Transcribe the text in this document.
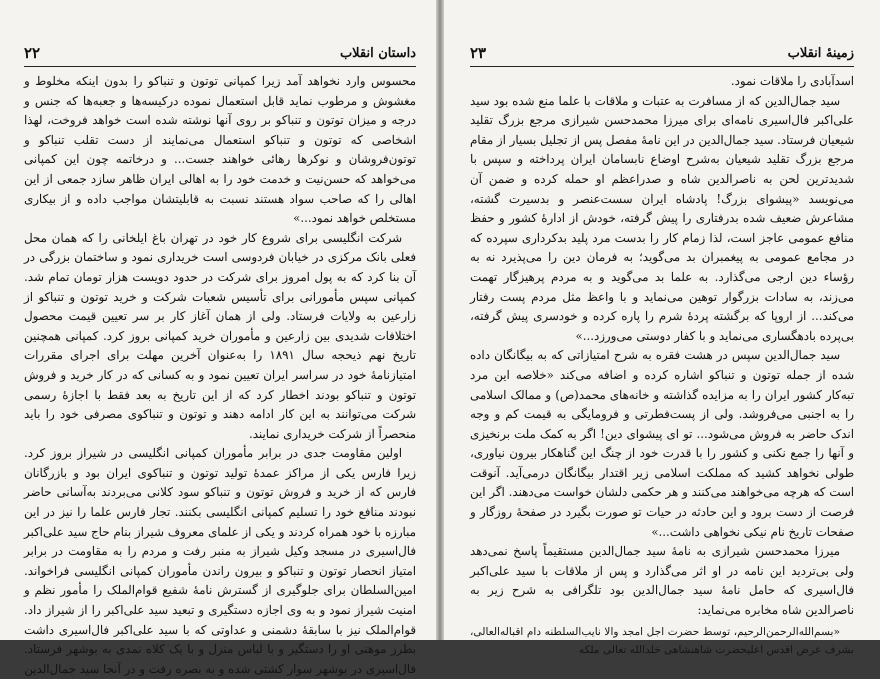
داستان انقلاب
۲۲

محسوس وارد نخواهد آمد زیرا کمپانی توتون و تنباکو را بدون اینکه مخلوط و مغشوش و مرطوب نماید قابل استعمال نموده درکیسه‌ها و جعبه‌ها که جنس و درجه و میزان توتون و تنباکو بر روی آنها نوشته شده است خواهد فروخت، لهذا اشخاصی که توتون و تنباکو استعمال می‌نمایند از دست تقلب تنباکو و توتون‌فروشان و نوکرها رهائی خواهند جست... و درخاتمه چون این کمپانی می‌خواهد که حسن‌نیت و خدمت خود را به اهالی ایران ظاهر سازد جمعی از این اهالی را که صاحب سواد هستند نسبت به قابلیتشان مواجب داده و از بیکاری مستخلص خواهد نمود...»

شرکت انگلیسی برای شروع کار خود در تهران باغ ایلخانی را که همان محل فعلی بانک مرکزی در خیابان فردوسی است خریداری نمود و ساختمان بزرگی در آن بنا کرد که به پول امروز برای شرکت در حدود دویست هزار تومان تمام شد. کمپانی سپس مأمورانی برای تأسیس شعبات شرکت و خرید توتون و تنباکو از زارعین به ولایات فرستاد. ولی از همان آغاز کار بر سر تعیین قیمت محصول اختلافات شدیدی بین زارعین و مأموران خرید کمپانی بروز کرد. کمپانی همچنین تاریخ نهم ذیحجه سال ۱۸۹۱ را به‌عنوان آخرین مهلت برای اجرای مقررات امتیازنامهٔ خود در سراسر ایران تعیین نمود و به کسانی که در کار خرید و فروش توتون و تنباکو بودند اخطار کرد که از این تاریخ به بعد فقط با اجازهٔ رسمی شرکت می‌توانند به این کار ادامه دهند و توتون و تنباکوی مصرفی خود را باید منحصراً از شرکت خریداری نمایند.

اولین مقاومت جدی در برابر مأموران کمپانی انگلیسی در شیراز بروز کرد. زیرا فارس یکی از مراکز عمدهٔ تولید توتون و تنباکوی ایران بود و بازرگانان فارس که از خرید و فروش توتون و تنباکو سود کلانی می‌بردند به‌آسانی حاضر نبودند منافع خود را تسلیم کمپانی انگلیسی بکنند. تجار فارس علما را نیز در این مبارزه با خود همراه کردند و یکی از علمای معروف شیراز بنام حاج سید علی‌اکبر فال‌اسیری در مسجد وکیل شیراز به منبر رفت و مردم را به مقاومت در برابر امتیاز انحصار توتون و تنباکو و بیرون راندن مأموران کمپانی انگلیسی فراخواند. امین‌السلطان برای جلوگیری از گسترش نامهٔ شفیع قوام‌الملک را مأمور نظم و امنیت شیراز نمود و به وی اجازه دستگیری و تبعید سید علی‌اکبر را از شیراز داد. قوام‌الملک نیز با سابقهٔ دشمنی و عداوتی که با سید علی‌اکبر فال‌اسیری داشت بطرز موهنی او را دستگیر و با لباس منزل و با یک کلاه نمدی به بوشهر فرستاد. فال‌اسیری در بوشهر سوار کشتی شده و به بصره رفت و در آنجا سید جمال‌الدین

زمینهٔ انقلاب
۲۳

اسدآبادی را ملاقات نمود.

سید جمال‌الدین که از مسافرت به عتبات و ملاقات با علما منع شده بود سید علی‌اکبر فال‌اسیری نامه‌ای برای میرزا محمدحسن شیرازی مرجع بزرگ تقلید شیعیان فرستاد. سید جمال‌الدین در این نامهٔ مفصل پس از تجلیل بسیار از مقام مرجع بزرگ تقلید شیعیان به‌شرح اوضاع نابسامان ایران پرداخته و سپس با شدیدترین لحن به ناصرالدین شاه و صدراعظم او حمله کرده و ضمن آن می‌نویسد «پیشوای بزرگ! پادشاه ایران سست‌عنصر و بدسیرت گشته، مشاعرش ضعیف شده بدرفتاری را پیش گرفته، خودش از ادارهٔ کشور و حفظ منافع عمومی عاجز است، لذا زمام کار را بدست مرد پلید بدکرداری سپرده که در مجامع عمومی به پیغمبران بد می‌گوید؛ به فرمان دین را می‌پذیرد نه به رؤساء دین ارجی می‌گذارد. به علما بد می‌گوید و به مردم پرهیزگار تهمت می‌زند، به سادات بزرگوار توهین می‌نماید و با واعظ مثل مردم پست رفتار می‌کند... از اروپا که برگشته پردهٔ شرم را پاره کرده و خودسری پیش گرفته، بی‌پرده بادهگساری می‌نماید و با کفار دوستی می‌ورزد...»

سید جمال‌الدین سپس در هشت فقره به شرح امتیازاتی که به بیگانگان داده شده از جمله توتون و تنباکو اشاره کرده و اضافه می‌کند «خلاصه این مرد تبه‌کار کشور ایران را به مزایده گذاشته و خانه‌های محمد(ص) و ممالک اسلامی را به اجنبی می‌فروشد. ولی از پست‌فطرتی و فرومایگی به قیمت کم و وجه اندک حاضر به فروش می‌شود... تو ای پیشوای دین! اگر به کمک ملت برنخیزی و آنها را جمع نکنی و کشور را با قدرت خود از چنگ این گناهکار بیرون نیاوری، طولی نخواهد کشید که مملکت اسلامی زیر اقتدار بیگانگان درمی‌آید. آنوقت است که هرچه می‌خواهند می‌کنند و هر حکمی دلشان خواست می‌دهند. اگر این فرصت از دست برود و این حادثه در حیات تو صورت بگیرد در صفحهٔ روزگار و صفحات تاریخ نام نیکی نخواهی داشت...»

میرزا محمدحسن شیرازی به نامهٔ سید جمال‌الدین مستقیماً پاسخ نمی‌دهد ولی بی‌تردید این نامه در او اثر می‌گذارد و پس از ملاقات با سید علی‌اکبر فال‌اسیری که حامل نامهٔ سید جمال‌الدین بود تلگرافی به شرح زیر به ناصرالدین شاه مخابره می‌نماید:

«بسم‌الله‌الرحمن‌الرحیم، توسط حضرت اجل امجد والا نایب‌السلطنه دام اقباله‌العالی، بشرف عرض اقدس اعلیحضرت شاهنشاهی خلدالله تعالی ملکه
